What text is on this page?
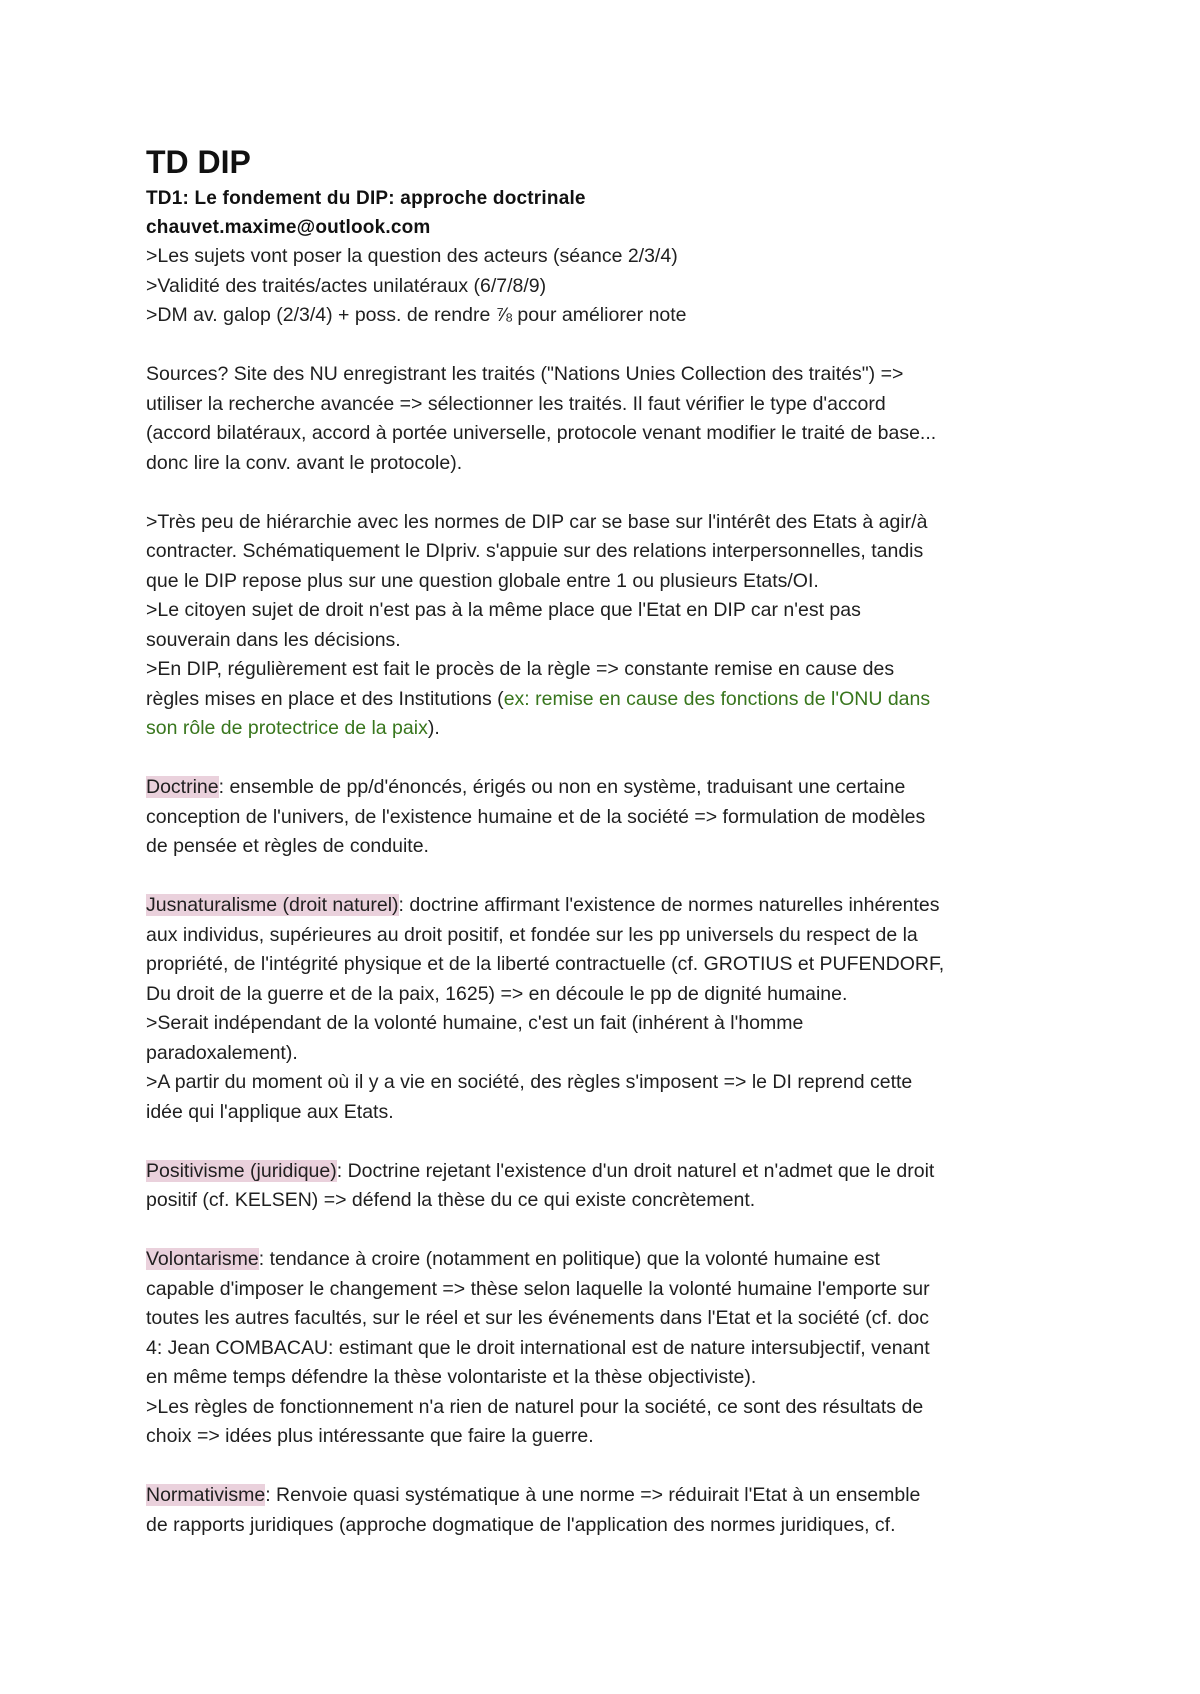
TD DIP

TD1: Le fondement du DIP: approche doctrinale

chauvet.maxime@outlook.com

>Les sujets vont poser la question des acteurs (séance 2/3/4)

>Validité des traités/actes unilatéraux (6/7/8/9)

>DM av. galop (2/3/4) + poss. de rendre ⅞ pour améliorer note

Sources? Site des NU enregistrant les traités ("Nations Unies Collection des traités") =>

utiliser la recherche avancée => sélectionner les traités. Il faut vérifier le type d'accord

(accord bilatéraux, accord à portée universelle, protocole venant modifier le traité de base...

donc lire la conv. avant le protocole).

>Très peu de hiérarchie avec les normes de DIP car se base sur l'intérêt des Etats à agir/à

contracter. Schématiquement le DIpriv. s'appuie sur des relations interpersonnelles, tandis

que le DIP repose plus sur une question globale entre 1 ou plusieurs Etats/OI.

>Le citoyen sujet de droit n'est pas à la même place que l'Etat en DIP car n'est pas

souverain dans les décisions.

>En DIP, régulièrement est fait le procès de la règle => constante remise en cause des

règles mises en place et des Institutions (ex: remise en cause des fonctions de l'ONU dans

son rôle de protectrice de la paix).

Doctrine: ensemble de pp/d'énoncés, érigés ou non en système, traduisant une certaine

conception de l'univers, de l'existence humaine et de la société => formulation de modèles

de pensée et règles de conduite.

Jusnaturalisme (droit naturel): doctrine affirmant l'existence de normes naturelles inhérentes

aux individus, supérieures au droit positif, et fondée sur les pp universels du respect de la

propriété, de l'intégrité physique et de la liberté contractuelle (cf. GROTIUS et PUFENDORF,

Du droit de la guerre et de la paix, 1625) => en découle le pp de dignité humaine.

>Serait indépendant de la volonté humaine, c'est un fait (inhérent à l'homme

paradoxalement).

>A partir du moment où il y a vie en société, des règles s'imposent => le DI reprend cette

idée qui l'applique aux Etats.

Positivisme (juridique): Doctrine rejetant l'existence d'un droit naturel et n'admet que le droit

positif (cf. KELSEN) => défend la thèse du ce qui existe concrètement.

Volontarisme: tendance à croire (notamment en politique) que la volonté humaine est

capable d'imposer le changement => thèse selon laquelle la volonté humaine l'emporte sur

toutes les autres facultés, sur le réel et sur les événements dans l'Etat et la société (cf. doc

4: Jean COMBACAU: estimant que le droit international est de nature intersubjectif, venant

en même temps défendre la thèse volontariste et la thèse objectiviste).

>Les règles de fonctionnement n'a rien de naturel pour la société, ce sont des résultats de

choix => idées plus intéressante que faire la guerre.

Normativisme: Renvoie quasi systématique à une norme => réduirait l'Etat à un ensemble

de rapports juridiques (approche dogmatique de l'application des normes juridiques, cf.
